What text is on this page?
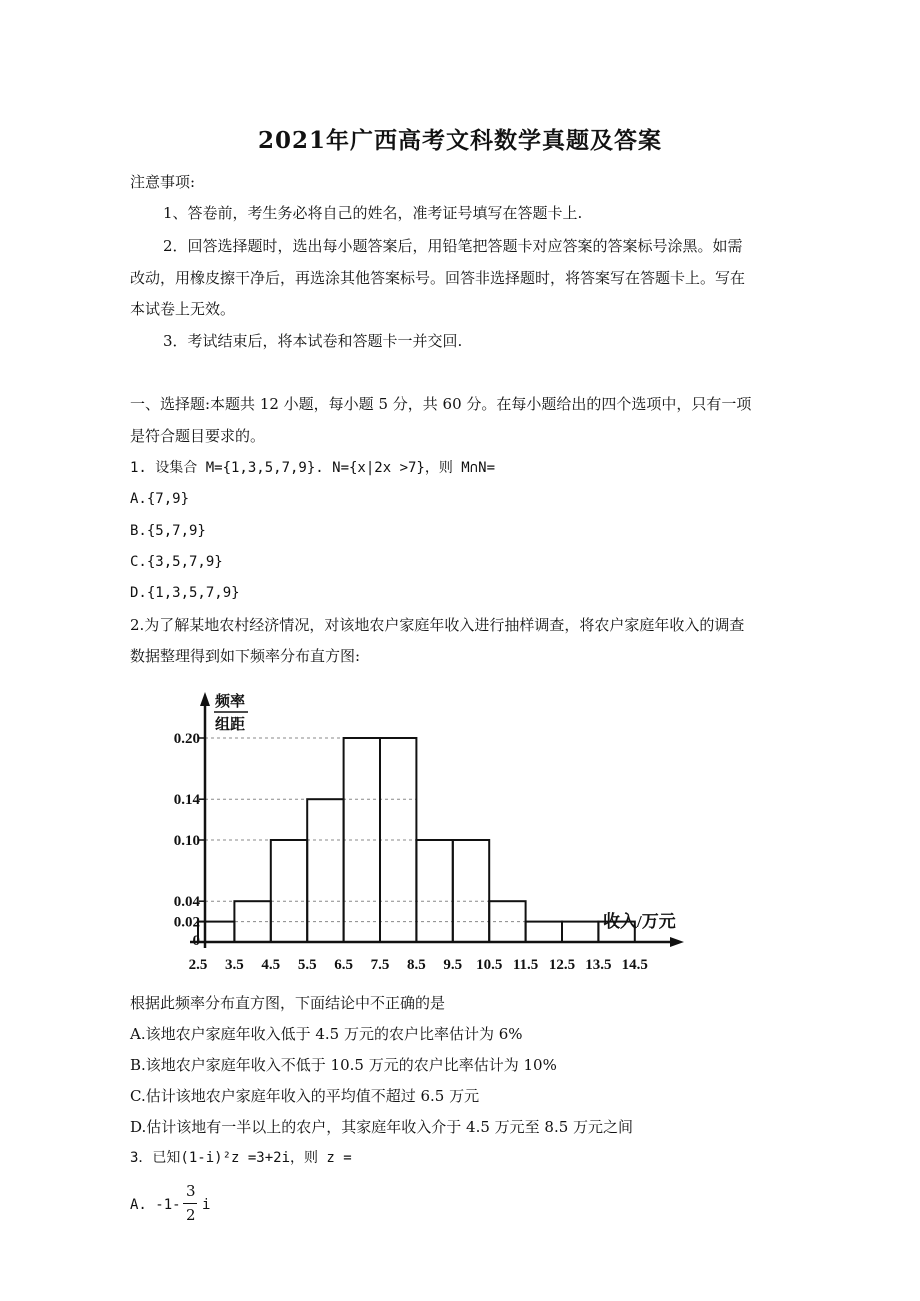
2021年广西高考文科数学真题及答案
注意事项:
1、答卷前，考生务必将自己的姓名，准考证号填写在答题卡上.
2．回答选择题时，选出每小题答案后，用铅笔把答题卡对应答案的答案标号涂黑。如需
改动，用橡皮擦干净后，再选涂其他答案标号。回答非选择题时，将答案写在答题卡上。写在
本试卷上无效。
3．考试结束后，将本试卷和答题卡一并交回.
一、选择题:本题共 12 小题，每小题 5 分，共 60 分。在每小题给出的四个选项中，只有一项
是符合题目要求的。
1. 设集合 M={1,3,5,7,9}. N={x|2x >7}，则 M∩N=
A.{7,9}
B.{5,7,9}
C.{3,5,7,9}
D.{1,3,5,7,9}
2.为了解某地农村经济情况，对该地农户家庭年收入进行抽样调查，将农户家庭年收入的调查
数据整理得到如下频率分布直方图:
0.02
0.04
0.10
0.14
0.20
2.5 3.5 4.5 5.5 6.5 7.5 8.5 9.5 10.5 11.5 12.5 13.5 14.5
0
频率
组距
收入/万元
根据此频率分布直方图，下面结论中不正确的是
A.该地农户家庭年收入低于 4.5 万元的农户比率估计为 6%
B.该地农户家庭年收入不低于 10.5 万元的农户比率估计为 10%
C.估计该地农户家庭年收入的平均值不超过 6.5 万元
D.估计该地有一半以上的农户，其家庭年收入介于 4.5 万元至 8.5 万元之间
3．已知(1-i)²z =3+2i，则 z =
A. -1-
3
2
i
